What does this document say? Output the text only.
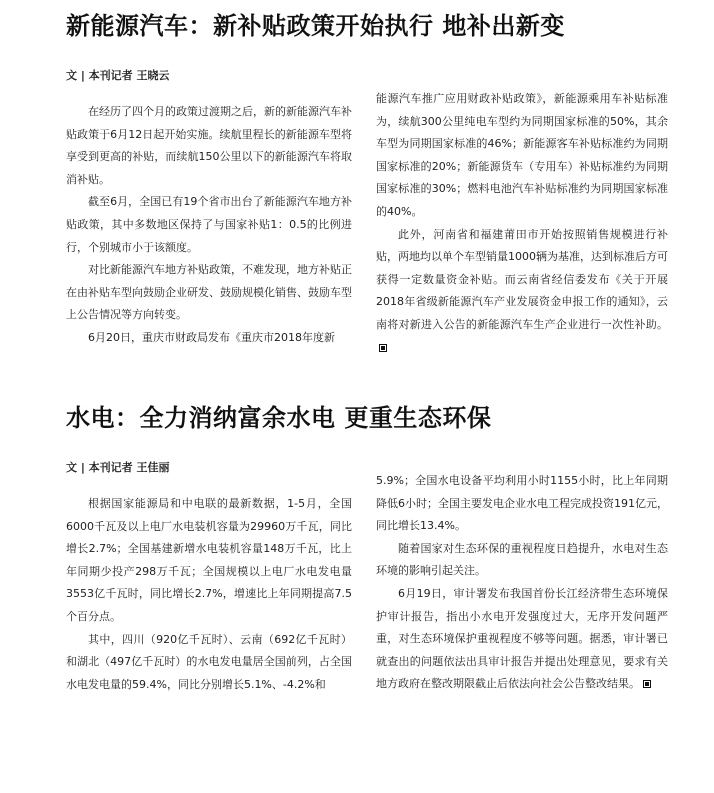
新能源汽车：新补贴政策开始执行 地补出新变
文 | 本刊记者 王晓云

在经历了四个月的政策过渡期之后，新的新能源汽车补贴政策于6月12日起开始实施。续航里程长的新能源车型将享受到更高的补贴，而续航150公里以下的新能源汽车将取消补贴。

截至6月，全国已有19个省市出台了新能源汽车地方补贴政策，其中多数地区保持了与国家补贴1：0.5的比例进行，个别城市小于该额度。

对比新能源汽车地方补贴政策，不难发现，地方补贴正在由补贴车型向鼓励企业研发、鼓励规模化销售、鼓励车型上公告情况等方向转变。

6月20日，重庆市财政局发布《重庆市2018年度新

能源汽车推广应用财政补贴政策》，新能源乘用车补贴标准为，续航300公里纯电车型约为同期国家标准的50%，其余车型为同期国家标准的46%；新能源客车补贴标准约为同期国家标准的20%；新能源货车（专用车）补贴标准约为同期国家标准的30%；燃料电池汽车补贴标准约为同期国家标准的40%。

此外，河南省和福建莆田市开始按照销售规模进行补贴，两地均以单个车型销量1000辆为基准，达到标准后方可获得一定数量资金补贴。而云南省经信委发布《关于开展2018年省级新能源汽车产业发展资金申报工作的通知》，云南将对新进入公告的新能源汽车生产企业进行一次性补助。

水电：全力消纳富余水电 更重生态环保
文 | 本刊记者 王佳丽

根据国家能源局和中电联的最新数据，1-5月，全国6000千瓦及以上电厂水电装机容量为29960万千瓦，同比增长2.7%；全国基建新增水电装机容量148万千瓦，比上年同期少投产298万千瓦；全国规模以上电厂水电发电量3553亿千瓦时，同比增长2.7%，增速比上年同期提高7.5个百分点。

其中，四川（920亿千瓦时）、云南（692亿千瓦时）和湖北（497亿千瓦时）的水电发电量居全国前列，占全国水电发电量的59.4%，同比分别增长5.1%、-4.2%和

5.9%；全国水电设备平均利用小时1155小时，比上年同期降低6小时；全国主要发电企业水电工程完成投资191亿元，同比增长13.4%。

随着国家对生态环保的重视程度日趋提升，水电对生态环境的影响引起关注。

6月19日，审计署发布我国首份长江经济带生态环境保护审计报告，指出小水电开发强度过大，无序开发问题严重，对生态环境保护重视程度不够等问题。据悉，审计署已就查出的问题依法出具审计报告并提出处理意见，要求有关地方政府在整改期限截止后依法向社会公告整改结果。
